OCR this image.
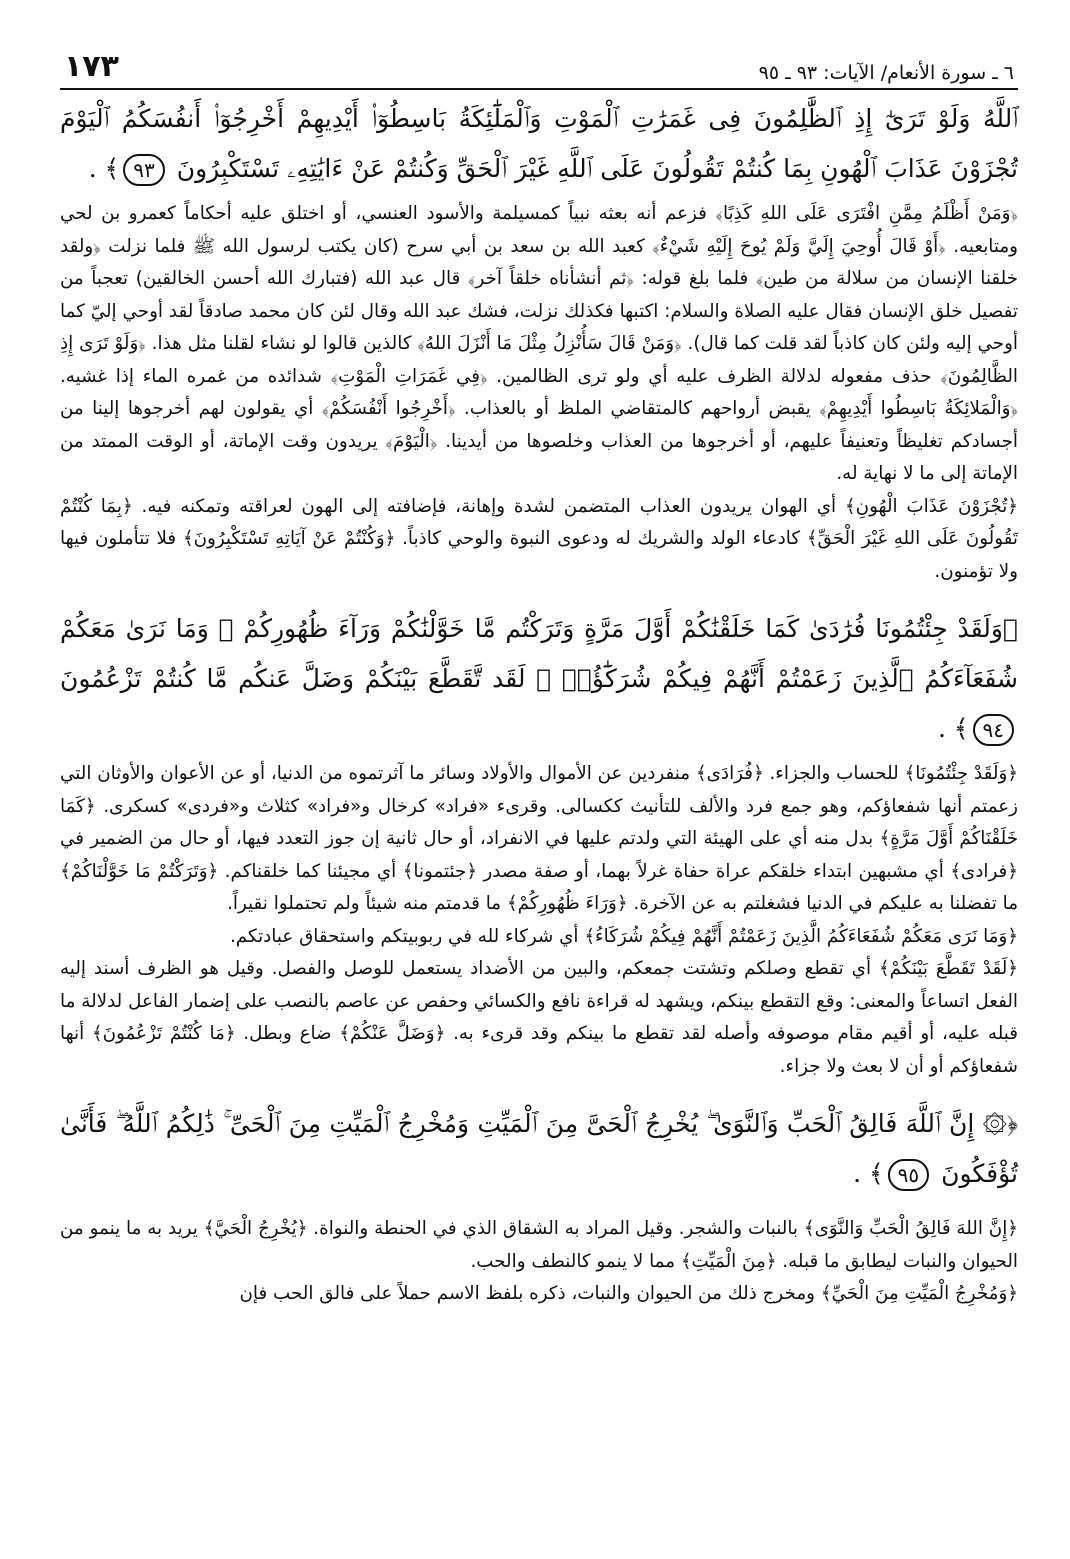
٦ ـ سورة الأنعام/ الآيات: ٩٣ ـ ٩٥
١٧٣

ٱللَّهُ وَلَوْ تَرَىٰٓ إِذِ ٱلظَّٰلِمُونَ فِى غَمَرَٰتِ ٱلْمَوْتِ وَٱلْمَلَٰٓئِكَةُ بَاسِطُوٓا۟ أَيْدِيهِمْ أَخْرِجُوٓا۟ أَنفُسَكُمُ ٱلْيَوْمَ تُجْزَوْنَ عَذَابَ ٱلْهُونِ بِمَا كُنتُمْ تَقُولُونَ عَلَى ٱللَّهِ غَيْرَ ٱلْحَقِّ وَكُنتُمْ عَنْ ءَايَٰتِهِۦ تَسْتَكْبِرُونَ ٩٣﴾ .

﴿وَمَنْ أَظْلَمُ مِمَّنِ افْتَرَى عَلَى اللهِ كَذِبًا﴾ فزعم أنه بعثه نبياً كمسيلمة والأسود العنسي، أو اختلق عليه أحكاماً كعمرو بن لحي ومتابعيه. ﴿أَوْ قَالَ أُوحِيَ إِلَيَّ وَلَمْ يُوحَ إِلَيْهِ شَيْءٌ﴾ كعبد الله بن سعد بن أبي سرح (كان يكتب لرسول الله ﷺ فلما نزلت ﴿ولقد خلقنا الإنسان من سلالة من طين﴾ فلما بلغ قوله: ﴿ثم أنشأناه خلقاً آخر﴾ قال عبد الله (فتبارك الله أحسن الخالقين) تعجباً من تفصيل خلق الإنسان فقال عليه الصلاة والسلام: اكتبها فكذلك نزلت، فشك عبد الله وقال لئن كان محمد صادقاً لقد أوحي إليّ كما أوحي إليه ولئن كان كاذباً لقد قلت كما قال). ﴿وَمَنْ قَالَ سَأُنْزِلُ مِثْلَ مَا أَنْزَلَ اللهُ﴾ كالذين قالوا لو نشاء لقلنا مثل هذا. ﴿وَلَوْ تَرَى إِذِ الظَّالِمُونَ﴾ حذف مفعوله لدلالة الظرف عليه أي ولو ترى الظالمين. ﴿فِي غَمَرَاتِ الْمَوْتِ﴾ شدائده من غمره الماء إذا غشيه. ﴿وَالْمَلائِكَةُ بَاسِطُوا أَيْدِيهِمْ﴾ يقبض أرواحهم كالمتقاضي الملظ أو بالعذاب. ﴿أَخْرِجُوا أَنْفُسَكُمْ﴾ أي يقولون لهم أخرجوها إلينا من أجسادكم تغليظاً وتعنيفاً عليهم، أو أخرجوها من العذاب وخلصوها من أيدينا. ﴿الْيَوْمَ﴾ يريدون وقت الإماتة، أو الوقت الممتد من الإماتة إلى ما لا نهاية له.

﴿تُجْزَوْنَ عَذَابَ الْهُونِ﴾ أي الهوان يريدون العذاب المتضمن لشدة وإهانة، فإضافته إلى الهون لعراقته وتمكنه فيه. ﴿بِمَا كُنْتُمْ تَقُولُونَ عَلَى اللهِ غَيْرَ الْحَقِّ﴾ كادعاء الولد والشريك له ودعوى النبوة والوحي كاذباً. ﴿وَكُنْتُمْ عَنْ آيَاتِهِ تَسْتَكْبِرُونَ﴾ فلا تتأملون فيها ولا تؤمنون.

﴿وَلَقَدْ جِئْتُمُونَا فُرَٰدَىٰ كَمَا خَلَقْنَٰكُمْ أَوَّلَ مَرَّةٍ وَتَرَكْتُم مَّا خَوَّلْنَٰكُمْ وَرَآءَ ظُهُورِكُمْ ۖ وَمَا نَرَىٰ مَعَكُمْ شُفَعَآءَكُمُ ٱلَّذِينَ زَعَمْتُمْ أَنَّهُمْ فِيكُمْ شُرَكَٰٓؤُا۟ ۚ لَقَد تَّقَطَّعَ بَيْنَكُمْ وَضَلَّ عَنكُم مَّا كُنتُمْ تَزْعُمُونَ ٩٤﴾ .

﴿وَلَقَدْ جِئْتُمُونَا﴾ للحساب والجزاء. ﴿فُرَادَى﴾ منفردين عن الأموال والأولاد وسائر ما آثرتموه من الدنيا، أو عن الأعوان والأوثان التي زعمتم أنها شفعاؤكم، وهو جمع فرد والألف للتأنيث ككسالى. وقرىء «فراد» كرخال و«فراد» كثلاث و«فردى» كسكرى. ﴿كَمَا خَلَقْنَاكُمْ أَوَّلَ مَرَّةٍ﴾ بدل منه أي على الهيئة التي ولدتم عليها في الانفراد، أو حال ثانية إن جوز التعدد فيها، أو حال من الضمير في ﴿فرادى﴾ أي مشبهين ابتداء خلقكم عراة حفاة غرلاً بهما، أو صفة مصدر ﴿جئتمونا﴾ أي مجيئنا كما خلقناكم. ﴿وَتَرَكْتُمْ مَا خَوَّلْنَاكُمْ﴾ ما تفضلنا به عليكم في الدنيا فشغلتم به عن الآخرة. ﴿وَرَاءَ ظُهُورِكُمْ﴾ ما قدمتم منه شيئاً ولم تحتملوا نقيراً.

﴿وَمَا نَرَى مَعَكُمْ شُفَعَاءَكُمُ الَّذِينَ زَعَمْتُمْ أَنَّهُمْ فِيكُمْ شُرَكَاءُ﴾ أي شركاء لله في ربوبيتكم واستحقاق عبادتكم.

﴿لَقَدْ تَقَطَّعَ بَيْنَكُمْ﴾ أي تقطع وصلكم وتشتت جمعكم، والبين من الأضداد يستعمل للوصل والفصل. وقيل هو الظرف أسند إليه الفعل اتساعاً والمعنى: وقع التقطع بينكم، ويشهد له قراءة نافع والكسائي وحفص عن عاصم بالنصب على إضمار الفاعل لدلالة ما قبله عليه، أو أقيم مقام موصوفه وأصله لقد تقطع ما بينكم وقد قرىء به. ﴿وَضَلَّ عَنْكُمْ﴾ ضاع وبطل. ﴿مَا كُنْتُمْ تَزْعُمُونَ﴾ أنها شفعاؤكم أو أن لا بعث ولا جزاء.

﴿۞ إِنَّ ٱللَّهَ فَالِقُ ٱلْحَبِّ وَٱلنَّوَىٰ ۖ يُخْرِجُ ٱلْحَىَّ مِنَ ٱلْمَيِّتِ وَمُخْرِجُ ٱلْمَيِّتِ مِنَ ٱلْحَىِّ ۚ ذَٰلِكُمُ ٱللَّهُ ۖ فَأَنَّىٰ تُؤْفَكُونَ ٩٥﴾ .

﴿إِنَّ اللهَ فَالِقُ الْحَبِّ وَالنَّوَى﴾ بالنبات والشجر. وقيل المراد به الشقاق الذي في الحنطة والنواة. ﴿يُخْرِجُ الْحَيَّ﴾ يريد به ما ينمو من الحيوان والنبات ليطابق ما قبله. ﴿مِنَ الْمَيِّتِ﴾ مما لا ينمو كالنطف والحب.

﴿وَمُخْرِجُ الْمَيِّتِ مِنَ الْحَيِّ﴾ ومخرج ذلك من الحيوان والنبات، ذكره بلفظ الاسم حملاً على فالق الحب فإن
